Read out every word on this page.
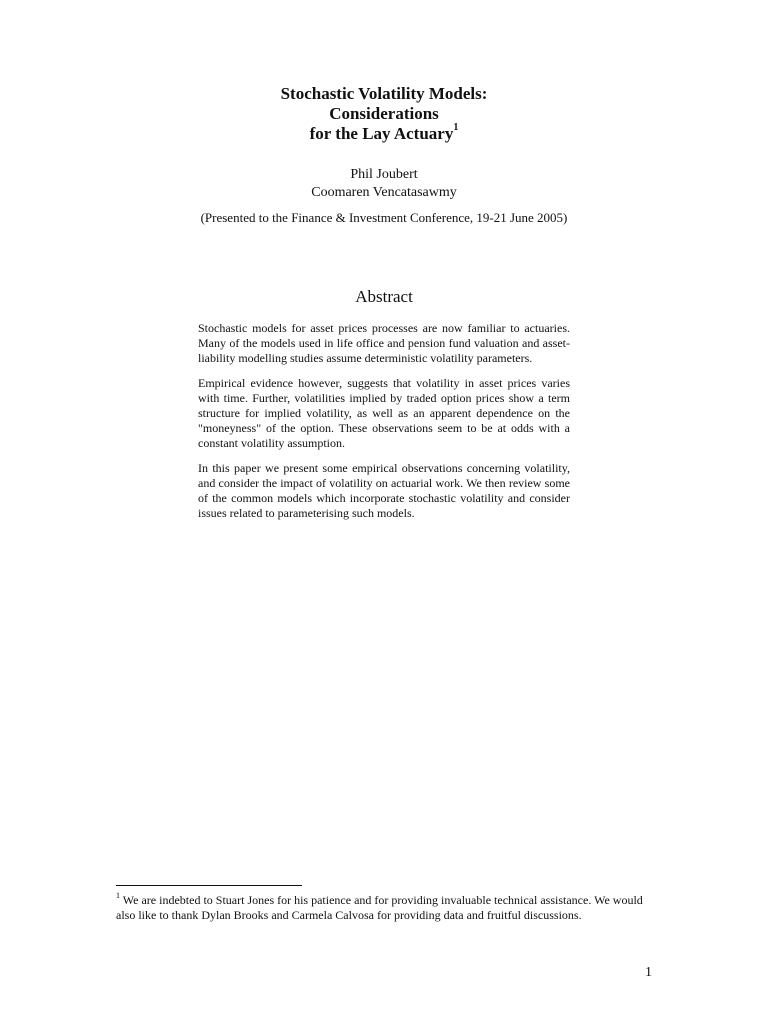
Stochastic Volatility Models:
Considerations
for the Lay Actuary$^1$
Phil Joubert
Coomaren Vencatasawmy
(Presented to the Finance & Investment Conference, 19-21 June 2005)
Abstract

Stochastic models for asset prices processes are now familiar to actuaries. Many of the models used in life office and pension fund valuation and asset-liability modelling studies assume deterministic volatility parameters.

Empirical evidence however, suggests that volatility in asset prices varies with time. Further, volatilities implied by traded option prices show a term structure for implied volatility, as well as an apparent dependence on the "moneyness" of the option. These observations seem to be at odds with a constant volatility assumption.

In this paper we present some empirical observations concerning volatility, and consider the impact of volatility on actuarial work. We then review some of the common models which incorporate stochastic volatility and consider issues related to parameterising such models.

$^1$ We are indebted to Stuart Jones for his patience and for providing invaluable technical assistance. We would also like to thank Dylan Brooks and Carmela Calvosa for providing data and fruitful discussions.
1
